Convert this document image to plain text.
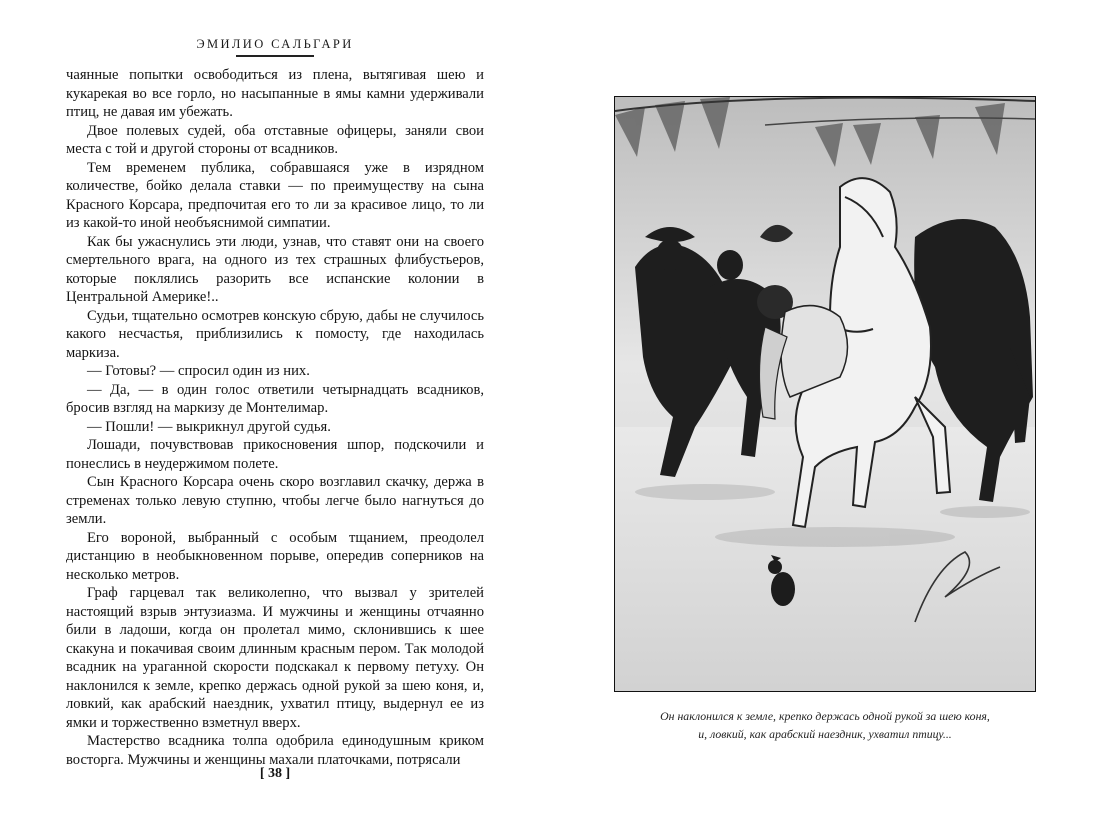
ЭМИЛИО САЛЬГАРИ

чаянные попытки освободиться из плена, вытягивая шею и кукарекая во все горло, но насыпанные в ямы камни удерживали птиц, не давая им убежать.

Двое полевых судей, оба отставные офицеры, заняли свои места с той и другой стороны от всадников.

Тем временем публика, собравшаяся уже в изрядном количестве, бойко делала ставки — по преимуществу на сына Красного Корсара, предпочитая его то ли за красивое лицо, то ли из какой-то иной необъяснимой симпатии.

Как бы ужаснулись эти люди, узнав, что ставят они на своего смертельного врага, на одного из тех страшных флибустьеров, которые поклялись разорить все испанские колонии в Центральной Америке!..

Судьи, тщательно осмотрев конскую сбрую, дабы не случилось какого несчастья, приблизились к помосту, где находилась маркиза.

— Готовы? — спросил один из них.

— Да, — в один голос ответили четырнадцать всадников, бросив взгляд на маркизу де Монтелимар.

— Пошли! — выкрикнул другой судья.

Лошади, почувствовав прикосновения шпор, подскочили и понеслись в неудержимом полете.

Сын Красного Корсара очень скоро возглавил скачку, держа в стременах только левую ступню, чтобы легче было нагнуться до земли.

Его вороной, выбранный с особым тщанием, преодолел дистанцию в необыкновенном порыве, опередив соперников на несколько метров.

Граф гарцевал так великолепно, что вызвал у зрителей настоящий взрыв энтузиазма. И мужчины и женщины отчаянно били в ладоши, когда он пролетал мимо, склонившись к шее скакуна и покачивая своим длинным красным пером. Так молодой всадник на ураганной скорости подскакал к первому петуху. Он наклонился к земле, крепко держась одной рукой за шею коня, и, ловкий, как арабский наездник, ухватил птицу, выдернул ее из ямки и торжественно взметнул вверх.

Мастерство всадника толпа одобрила единодушным криком восторга. Мужчины и женщины махали платочками, потрясали

[ 38 ]
Он наклонился к земле, крепко держась одной рукой за шею коня,
и, ловкий, как арабский наездник, ухватил птицу...
